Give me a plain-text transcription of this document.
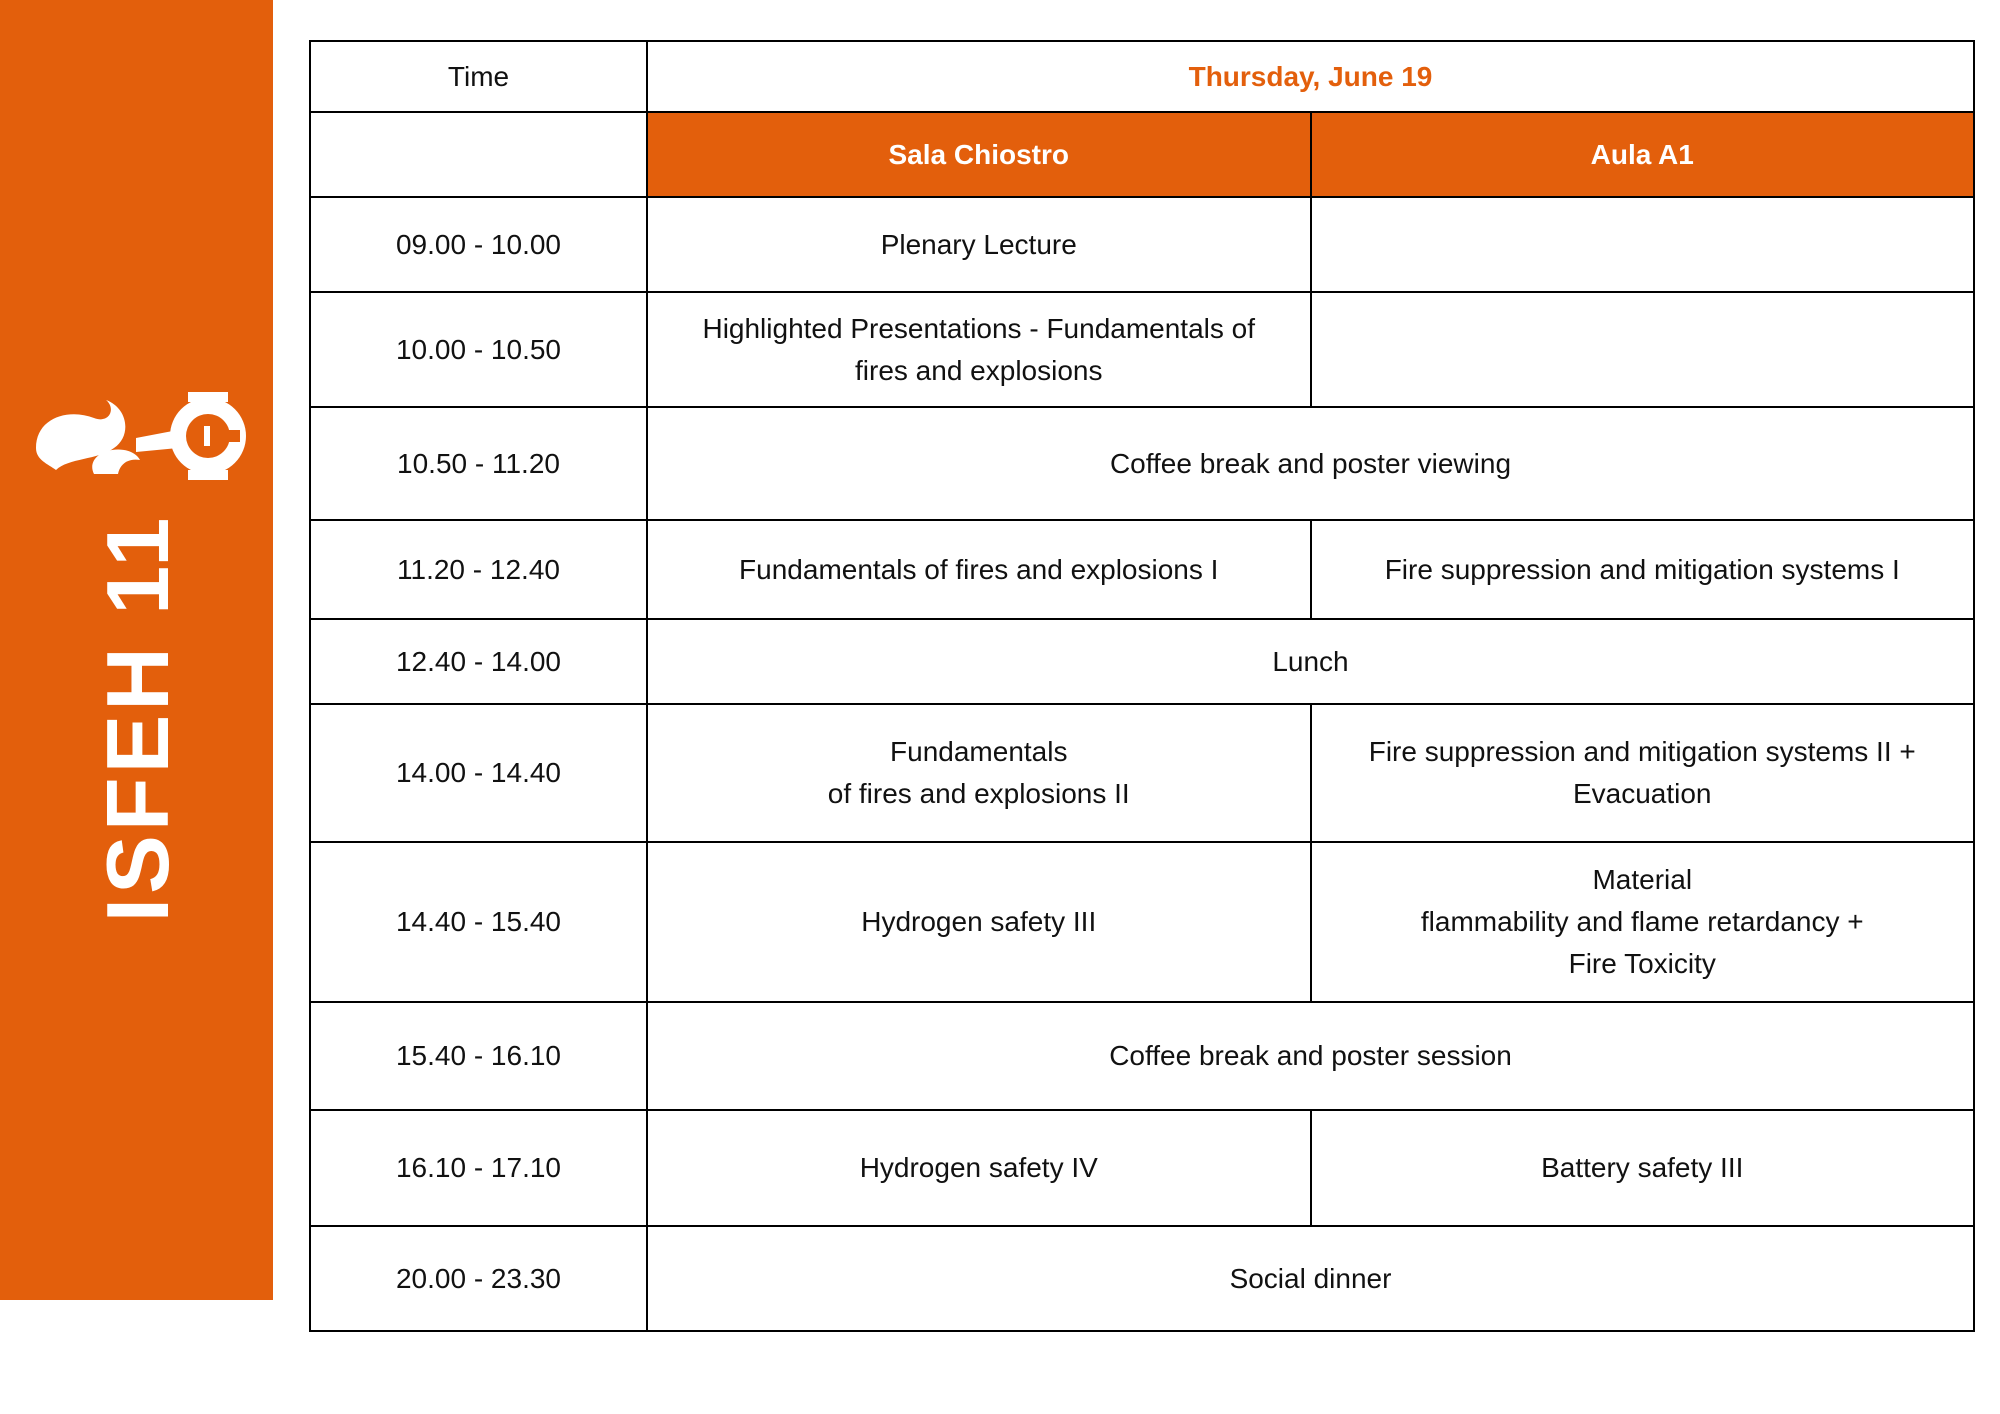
ISFEH 11
Time	Thursday, June 19	
	Sala Chiostro	Aula A1
09.00 - 10.00	Plenary Lecture	
10.00 - 10.50	Highlighted Presentations - Fundamentals of
fires and explosions	
10.50 - 11.20	Coffee break and poster viewing	
11.20 - 12.40	Fundamentals of fires and explosions I	Fire suppression and mitigation systems I
12.40 - 14.00	Lunch	
14.00 - 14.40	Fundamentals
of fires and explosions II	Fire suppression and mitigation systems II +
Evacuation
14.40 - 15.40	Hydrogen safety III	Material
flammability and flame retardancy +
Fire Toxicity
15.40 - 16.10	Coffee break and poster session	
16.10 - 17.10	Hydrogen safety IV	Battery safety III
20.00 - 23.30	Social dinner	
